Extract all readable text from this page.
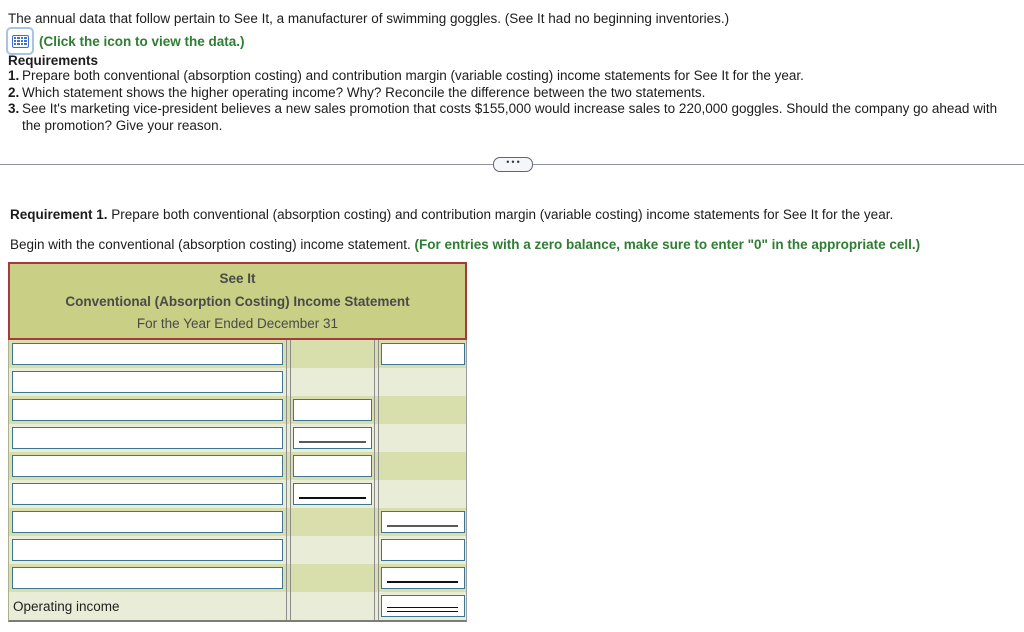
The annual data that follow pertain to See It, a manufacturer of swimming goggles. (See It had no beginning inventories.)
(Click the icon to view the data.)
Requirements
1. Prepare both conventional (absorption costing) and contribution margin (variable costing) income statements for See It for the year.
2. Which statement shows the higher operating income? Why? Reconcile the difference between the two statements.
3. See It's marketing vice-president believes a new sales promotion that costs $155,000 would increase sales to 220,000 goggles. Should the company go ahead with the promotion? Give your reason.
•••
Requirement 1. Prepare both conventional (absorption costing) and contribution margin (variable costing) income statements for See It for the year.
Begin with the conventional (absorption costing) income statement. (For entries with a zero balance, make sure to enter "0" in the appropriate cell.)
See It
Conventional (Absorption Costing) Income Statement
For the Year Ended December 31
Operating income
